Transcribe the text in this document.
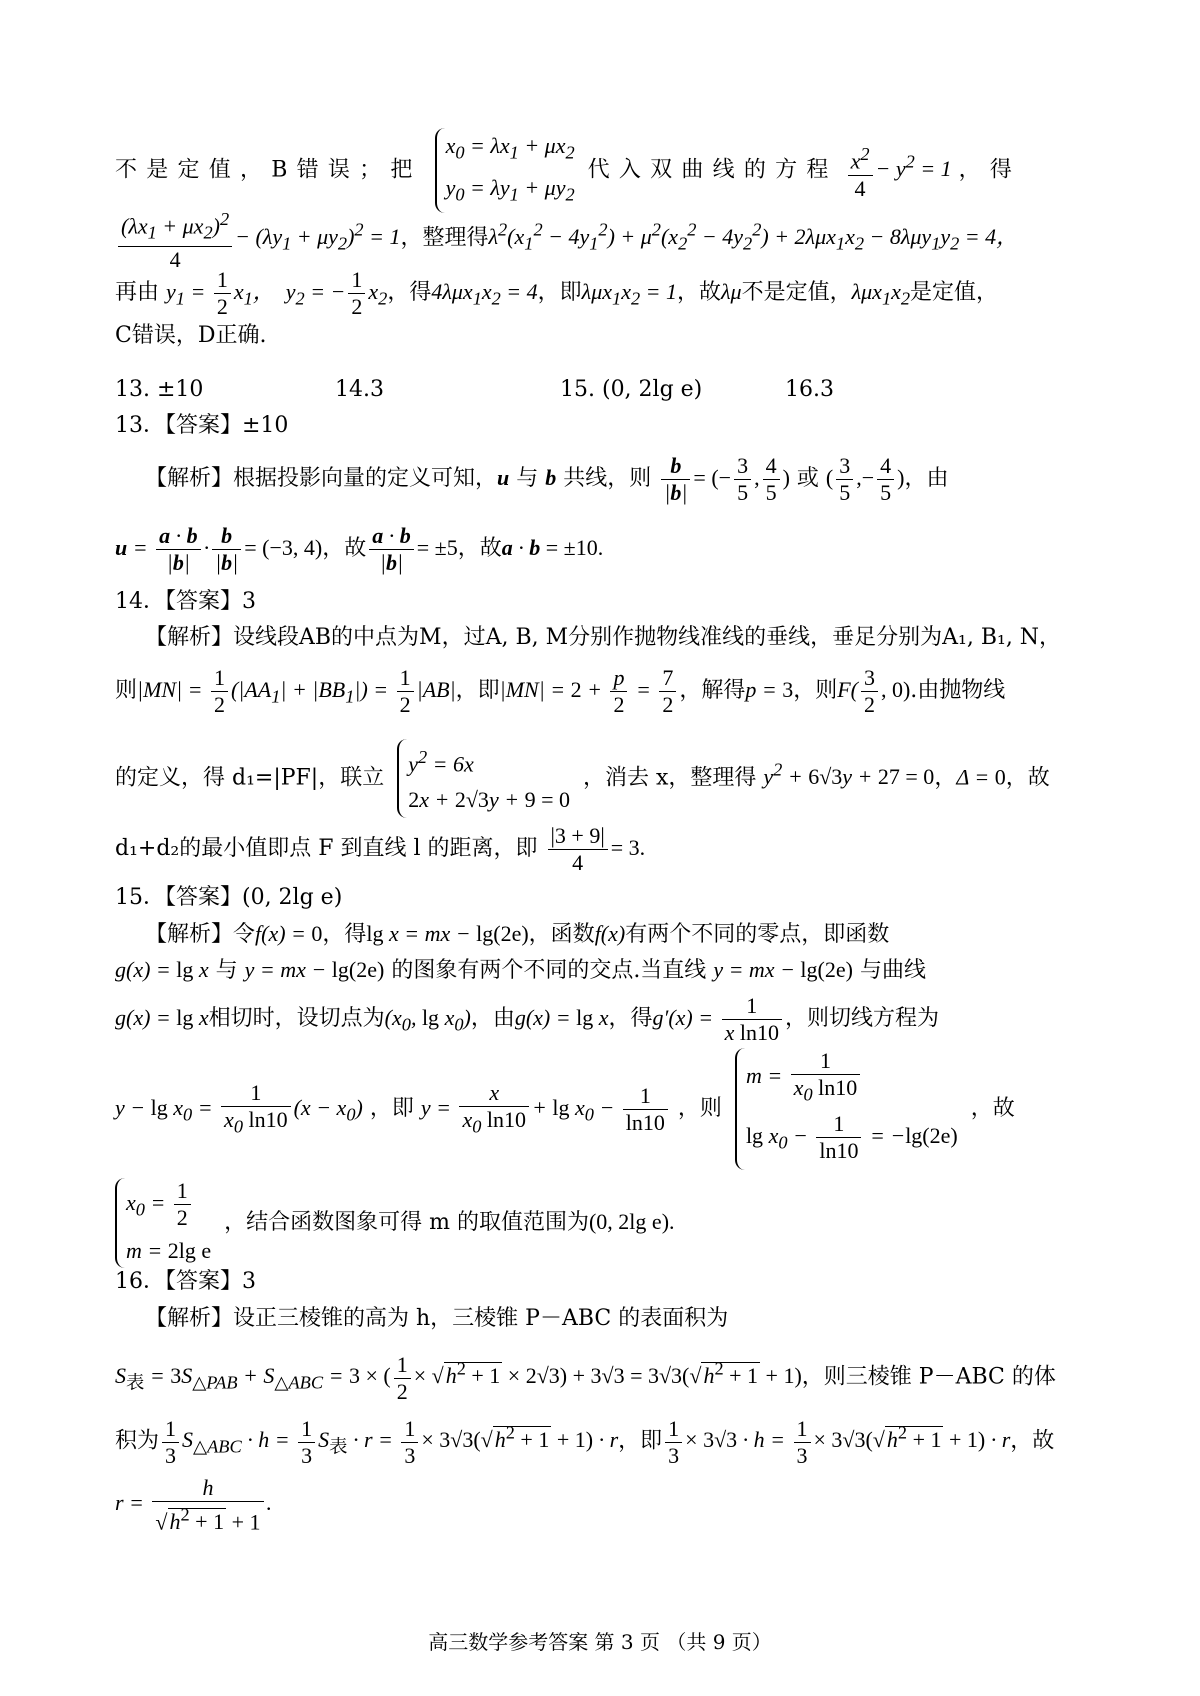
不是定值，B错误；把
$x_0 = \lambda x_1 + \mu x_2$
$y_0 = \lambda y_1 + \mu y_2$
代入双曲线的方程 $\frac{x^2}{4} - y^2 = 1$ ，得
$\frac{(\lambda x_1 + \mu x_2)^2}{4} - (\lambda y_1 + \mu y_2)^2 = 1$，整理得$\lambda^2(x_1^2 - 4y_1^2) + \mu^2(x_2^2 - 4y_2^2) + 2\lambda\mu x_1x_2 - 8\lambda\mu y_1y_2 = 4$，
再由 $y_1 = \frac{1}{2} x_1$，  $y_2$ = − $\frac{1}{2} x_2$，得$4\lambda\mu x_1x_2 = 4$，即$\lambda\mu x_1x_2 = 1$，故λμ不是定值，$\lambda\mu x_1x_2$是定值，
C错误，D正确.
13. ±10	14.3	15. (0, 2lg e)	16.3
13．【答案】±10
【解析】根据投影向量的定义可知，u 与 b 共线，则 $\frac{b}{|b|}$ = (− $\frac{3}{5}$ , $\frac{4}{5}$ ) 或 ( $\frac{3}{5}$ ,− $\frac{4}{5}$ )，由
$u = \frac{a \cdot b}{|b|} \cdot \frac{b}{|b|} = (-3$, 4)，故 $\frac{a \cdot b}{|b|} = \pm 5$，故a · b = ±10.
14．【答案】3
【解析】设线段AB的中点为M，过A, B, M分别作抛物线准线的垂线，垂足分别为A₁, B₁, N，
则$|MN| = \frac{1}{2} (|AA_1| + |BB_1|) = \frac{1}{2} |AB|$，即$|MN| = 2 + \frac{p}{2} = \frac{7}{2}$ ，解得p = 3，则$F( \frac{3}{2}$ , 0).由抛物线
的定义，得 d₁=|PF|，联立
$y^2 = 6x$
2x + 2√3y + 9 = 0
，消去 x，整理得 $y^2 + 6√3y + 27 = 0$，Δ = 0，故
d₁+d₂的最小值即点 F 到直线 l 的距离，即 $\frac{|3 + 9|}{4} = 3$.
15．【答案】(0, 2lg e)
【解析】令f(x) = 0，得lg x = mx − lg(2e)，函数f(x)有两个不同的零点，即函数
g(x) = lg x 与 y = mx − lg(2e) 的图象有两个不同的交点.当直线 y = mx − lg(2e) 与曲线
g(x) = lg x相切时，设切点为($x_0$, $\lg x_0$)，由g(x) = lg x，得$g'(x) = \frac{1}{\text{x ln10}}$ ，则切线方程为
$y - \lg x_0 = \frac{1}{x_0 \ln 10} (x - x_0)$ ，即 $y = \frac{x}{x_0 \ln 10} + \lg x_0 - \frac{1}{\ln 10}$ ，则
$m = \frac{1}{x_0 \ln 10}$
$\lg x_0 - \frac{1}{\ln 10} = -\lg(2e)$
，故
$x_0 = \frac{1}{2}$
m = 2lg e
，结合函数图象可得 m 的取值范围为(0, 2lg e).
16．【答案】3
【解析】设正三棱锥的高为 h，三棱锥 P－ABC 的表面积为
$S_表 = 3S_{\triangle PAB} + S_{\triangle ABC} = 3$ × ( $\frac{1}{2} \times √h^2 + 1 \times 2√3) + 3√3 = 3√3(√h^2 + 1 + 1)$，则三棱锥 P－ABC 的体
积为 $\frac{1}{3} S_{\triangle ABC} \cdot h = \frac{1}{3} S_表 \cdot r = \frac{1}{3} \times 3√3(√h^2 + 1 + 1) \cdot r$，即 $\frac{1}{3} \times 3√3 \cdot h = \frac{1}{3} \times 3√3(√h^2 + 1 + 1) \cdot r$，故
$r = \frac{h}{√h^2 + 1 + 1}$ .
高三数学参考答案 第 3 页 （共 9 页）
